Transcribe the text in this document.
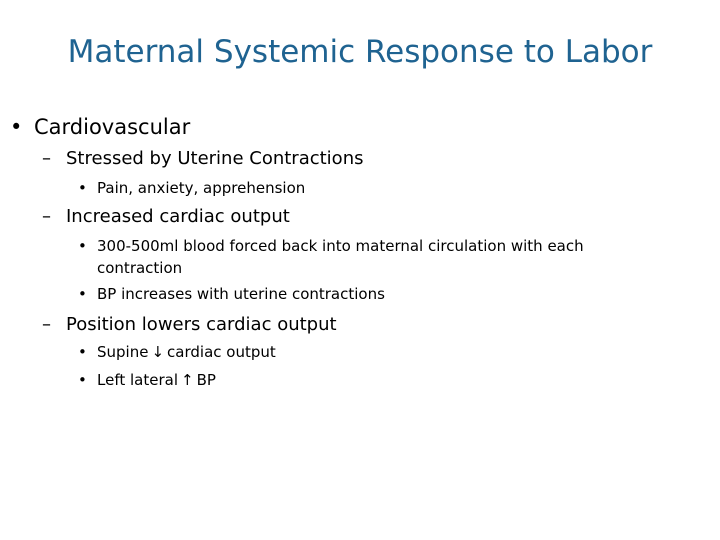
Maternal Systemic Response to Labor
• Cardiovascular

– Stressed by Uterine Contractions

• Pain, anxiety, apprehension

– Increased cardiac output

• 300-500ml blood forced back into maternal circulation with each

contraction

• BP increases with uterine contractions

– Position lowers cardiac output

• Supine ↓ cardiac output

• Left lateral ↑ BP
